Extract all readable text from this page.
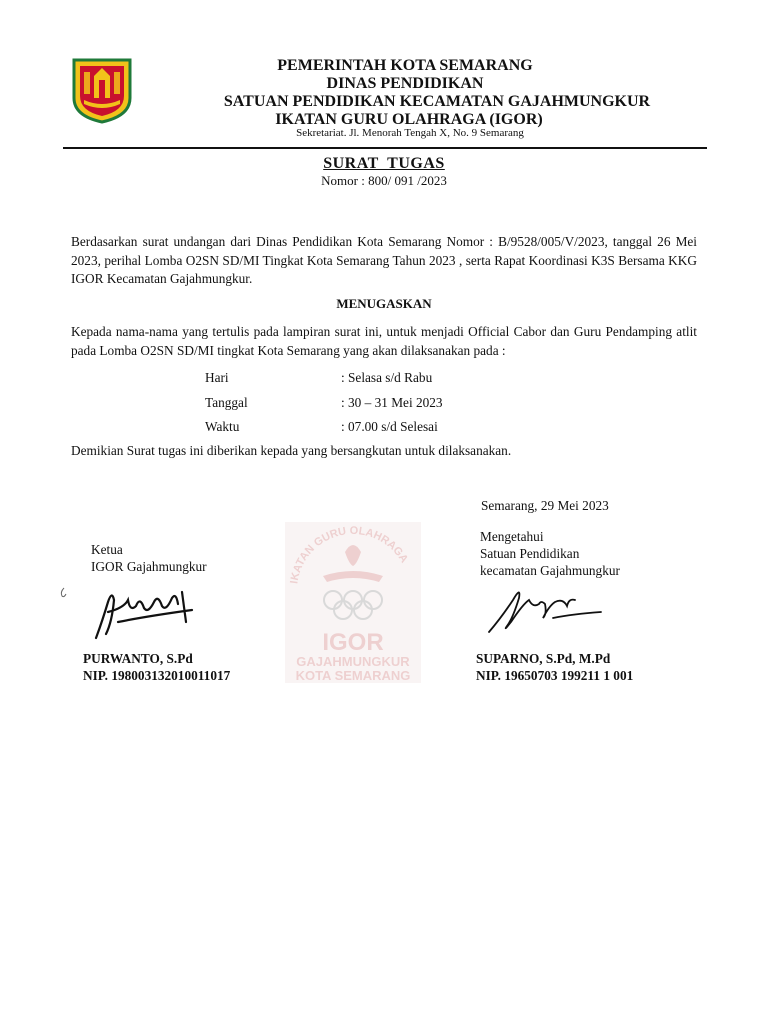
PEMERINTAH KOTA SEMARANG
DINAS PENDIDIKAN
SATUAN PENDIDIKAN KECAMATAN GAJAHMUNGKUR
IKATAN GURU OLAHRAGA (IGOR)
Sekretariat. Jl. Menorah Tengah X, No. 9 Semarang
SURAT  TUGAS
Nomor : 800/ 091 /2023
Berdasarkan surat undangan dari Dinas Pendidikan Kota Semarang Nomor : B/9528/005/V/2023, tanggal 26 Mei 2023, perihal Lomba O2SN SD/MI Tingkat Kota Semarang Tahun 2023 , serta Rapat Koordinasi K3S Bersama KKG IGOR Kecamatan Gajahmungkur.
MENUGASKAN
Kepada nama-nama yang tertulis pada lampiran surat ini, untuk menjadi Official Cabor dan Guru Pendamping atlit pada Lomba O2SN SD/MI tingkat Kota Semarang yang akan dilaksanakan pada :
Hari	: Selasa s/d Rabu
Tanggal	: 30 – 31 Mei 2023
Waktu	: 07.00 s/d Selesai
Demikian Surat tugas ini diberikan kepada yang bersangkutan untuk dilaksanakan.
IKATAN GURU OLAHRAGA
IGOR
GAJAHMUNGKUR
KOTA SEMARANG
Semarang, 29 Mei 2023
Ketua
IGOR Gajahmungkur
Mengetahui
Satuan Pendidikan
kecamatan Gajahmungkur
PURWANTO, S.Pd
NIP. 198003132010011017
SUPARNO, S.Pd, M.Pd
NIP. 19650703 199211 1 001
